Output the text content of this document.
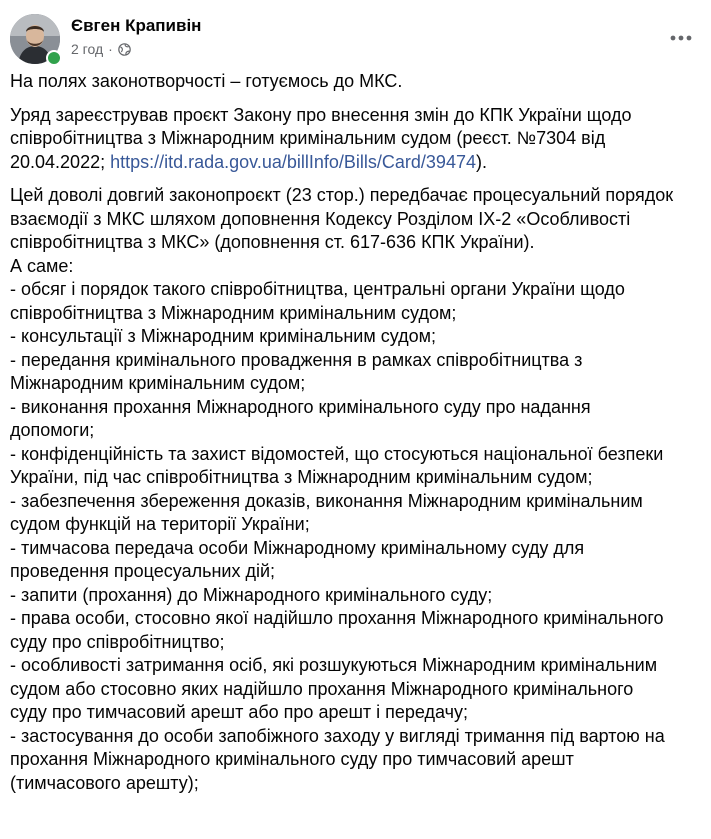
Євген Крапивін
2 год ·

На полях законотворчості – готуємось до МКС.

Уряд зареєстрував проєкт Закону про внесення змін до КПК України щодо
співробітництва з Міжнародним кримінальним судом (реєст. №7304 від
20.04.2022; https://itd.rada.gov.ua/billInfo/Bills/Card/39474).

Цей доволі довгий законопроєкт (23 стор.) передбачає процесуальний порядок
взаємодії з МКС шляхом доповнення Кодексу Розділом IX-2 «Особливості
співробітництва з МКС» (доповнення ст. 617-636 КПК України).
А саме:
- обсяг і порядок такого співробітництва, центральні органи України щодо
співробітництва з Міжнародним кримінальним судом;
- консультації з Міжнародним кримінальним судом;
- передання кримінального провадження в рамках співробітництва з
Міжнародним кримінальним судом;
- виконання прохання Міжнародного кримінального суду про надання
допомоги;
- конфіденційність та захист відомостей, що стосуються національної безпеки
України, під час співробітництва з Міжнародним кримінальним судом;
- забезпечення збереження доказів, виконання Міжнародним кримінальним
судом функцій на території України;
- тимчасова передача особи Міжнародному кримінальному суду для
проведення процесуальних дій;
- запити (прохання) до Міжнародного кримінального суду;
- права особи, стосовно якої надійшло прохання Міжнародного кримінального
суду про співробітництво;
- особливості затримання осіб, які розшукуються Міжнародним кримінальним
судом або стосовно яких надійшло прохання Міжнародного кримінального
суду про тимчасовий арешт або про арешт і передачу;
- застосування до особи запобіжного заходу у вигляді тримання під вартою на
прохання Міжнародного кримінального суду про тимчасовий арешт
(тимчасового арешту);
